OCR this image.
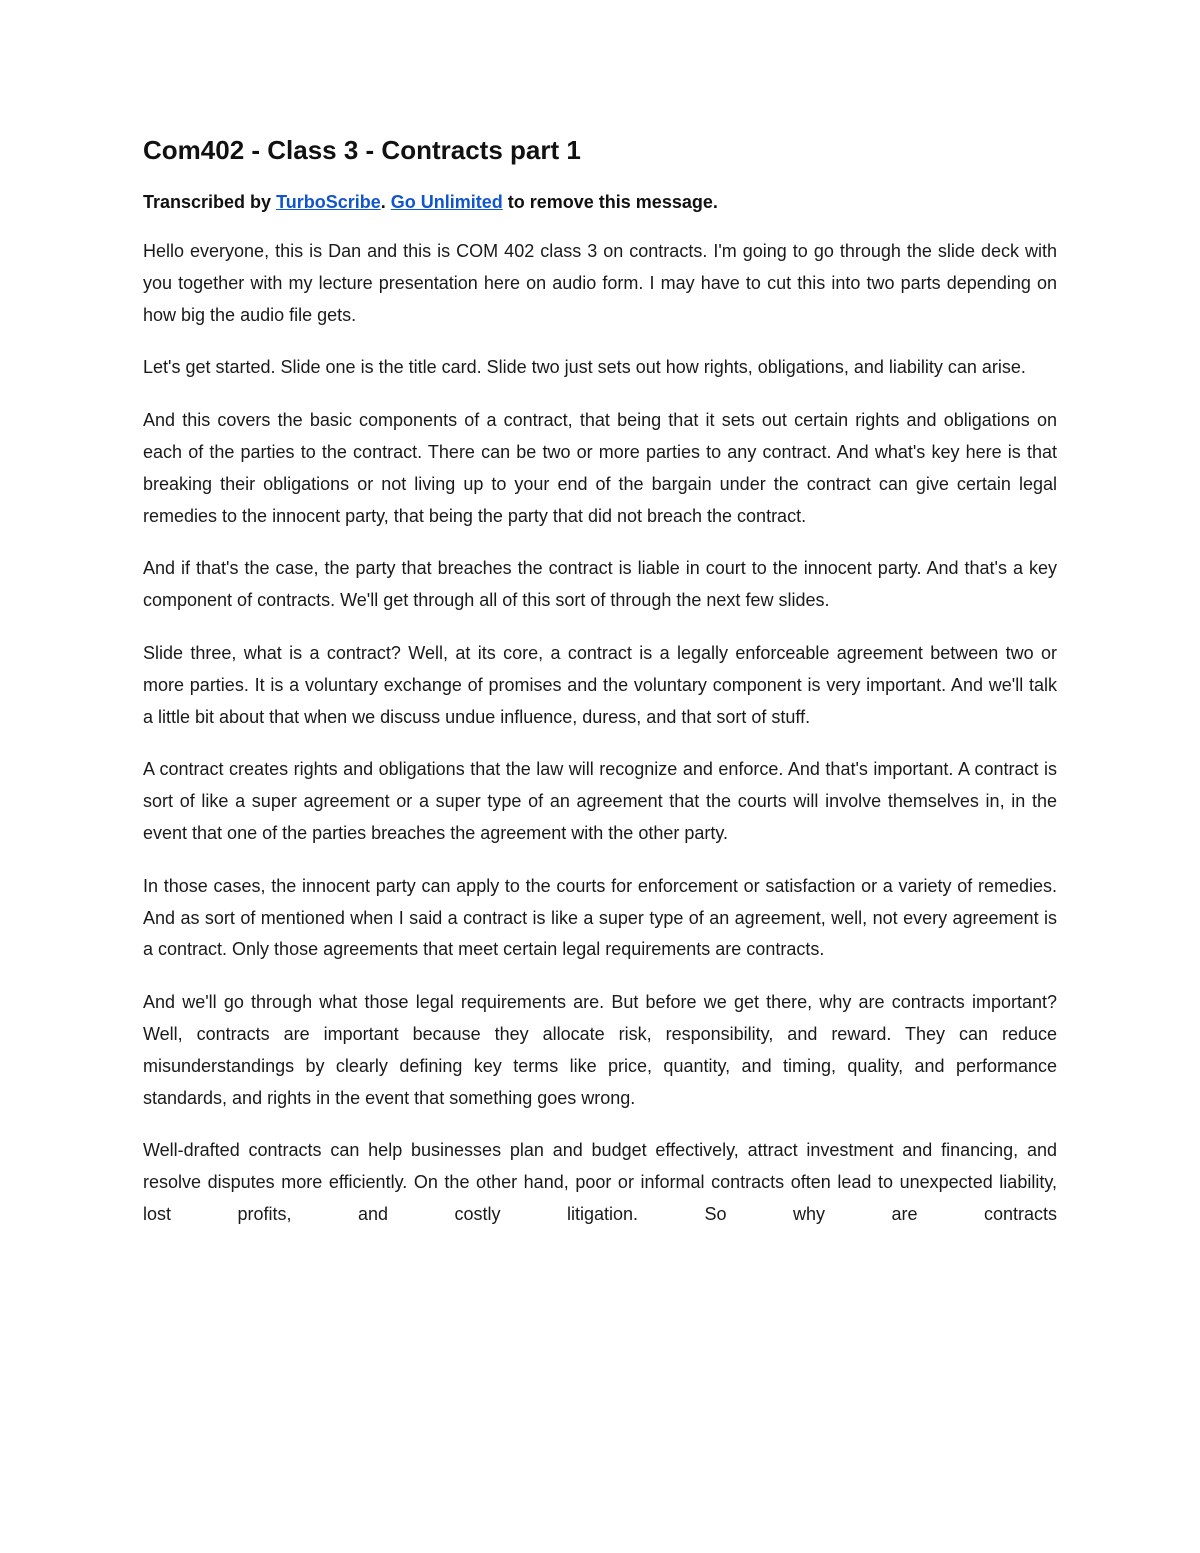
Com402 - Class 3 - Contracts part 1

Transcribed by TurboScribe. Go Unlimited to remove this message.

Hello everyone, this is Dan and this is COM 402 class 3 on contracts. I'm going to go through the slide deck with you together with my lecture presentation here on audio form. I may have to cut this into two parts depending on how big the audio file gets.

Let's get started. Slide one is the title card. Slide two just sets out how rights, obligations, and liability can arise.

And this covers the basic components of a contract, that being that it sets out certain rights and obligations on each of the parties to the contract. There can be two or more parties to any contract. And what's key here is that breaking their obligations or not living up to your end of the bargain under the contract can give certain legal remedies to the innocent party, that being the party that did not breach the contract.

And if that's the case, the party that breaches the contract is liable in court to the innocent party. And that's a key component of contracts. We'll get through all of this sort of through the next few slides.

Slide three, what is a contract? Well, at its core, a contract is a legally enforceable agreement between two or more parties. It is a voluntary exchange of promises and the voluntary component is very important. And we'll talk a little bit about that when we discuss undue influence, duress, and that sort of stuff.

A contract creates rights and obligations that the law will recognize and enforce. And that's important. A contract is sort of like a super agreement or a super type of an agreement that the courts will involve themselves in, in the event that one of the parties breaches the agreement with the other party.

In those cases, the innocent party can apply to the courts for enforcement or satisfaction or a variety of remedies. And as sort of mentioned when I said a contract is like a super type of an agreement, well, not every agreement is a contract. Only those agreements that meet certain legal requirements are contracts.

And we'll go through what those legal requirements are. But before we get there, why are contracts important? Well, contracts are important because they allocate risk, responsibility, and reward. They can reduce misunderstandings by clearly defining key terms like price, quantity, and timing, quality, and performance standards, and rights in the event that something goes wrong.

Well-drafted contracts can help businesses plan and budget effectively, attract investment and financing, and resolve disputes more efficiently. On the other hand, poor or informal contracts often lead to unexpected liability, lost profits, and costly litigation. So why are contracts
